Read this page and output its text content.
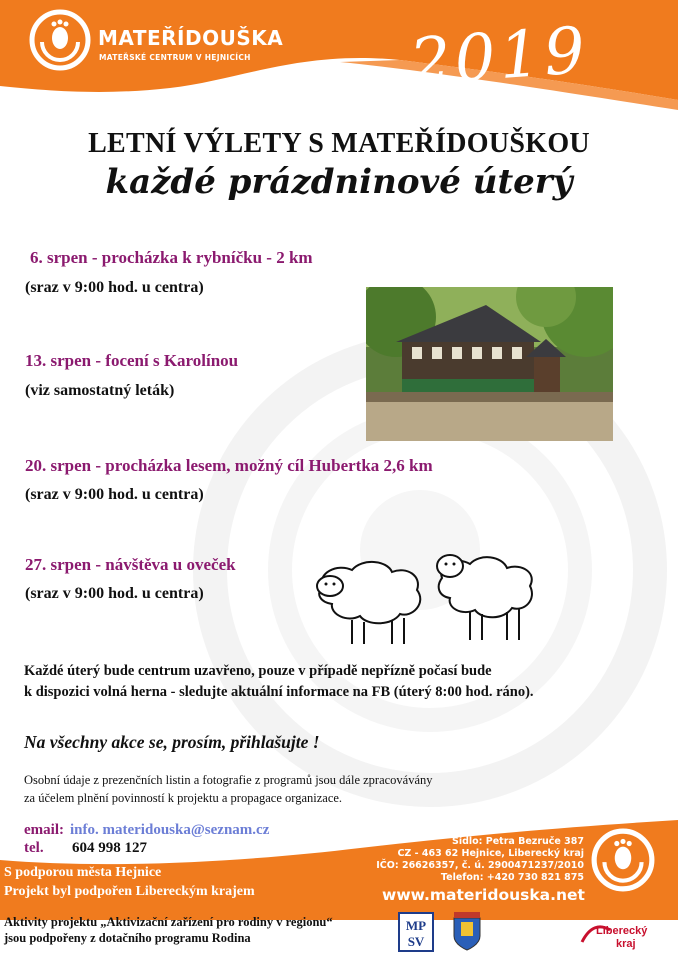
MATEŘÍDOUŠKA
MATEŘSKÉ CENTRUM V HEJNICÍCH 2019
LETNÍ VÝLETY S MATEŘÍDOUŠKOU
každé prázdninové úterý
6. srpen - procházka k rybníčku - 2 km
(sraz v 9:00 hod. u centra)
13. srpen - focení s Karolínou
(viz samostatný leták)
20. srpen - procházka lesem, možný cíl Hubertka 2,6 km
(sraz v 9:00 hod. u centra)
27. srpen - návštěva u oveček
(sraz v 9:00 hod. u centra)
Každé úterý bude centrum uzavřeno, pouze v případě nepřízně počasí bude
k dispozici volná herna - sledujte aktuální informace na FB (úterý 8:00 hod. ráno).
Na všechny akce se, prosím, přihlašujte !
Osobní údaje z prezenčních listin a fotografie z programů jsou dále zpracovávány
za účelem plnění povinností k projektu a propagace organizace.
email: info. materidouska@seznam.cz
tel. 604 998 127
S podporou města Hejnice
Projekt byl podpořen Libereckým krajem
Sídlo: Petra Bezruče 387
CZ - 463 62 Hejnice, Liberecký kraj
IČO: 26626357, č. ú. 2900471237/2010
Telefon: +420 730 821 875
www.materidouska.net
Aktivity projektu „Aktivizační zařízení pro rodiny v regionu“
jsou podpořeny z dotačního programu Rodina
MP
SV
Liberecký
kraj
